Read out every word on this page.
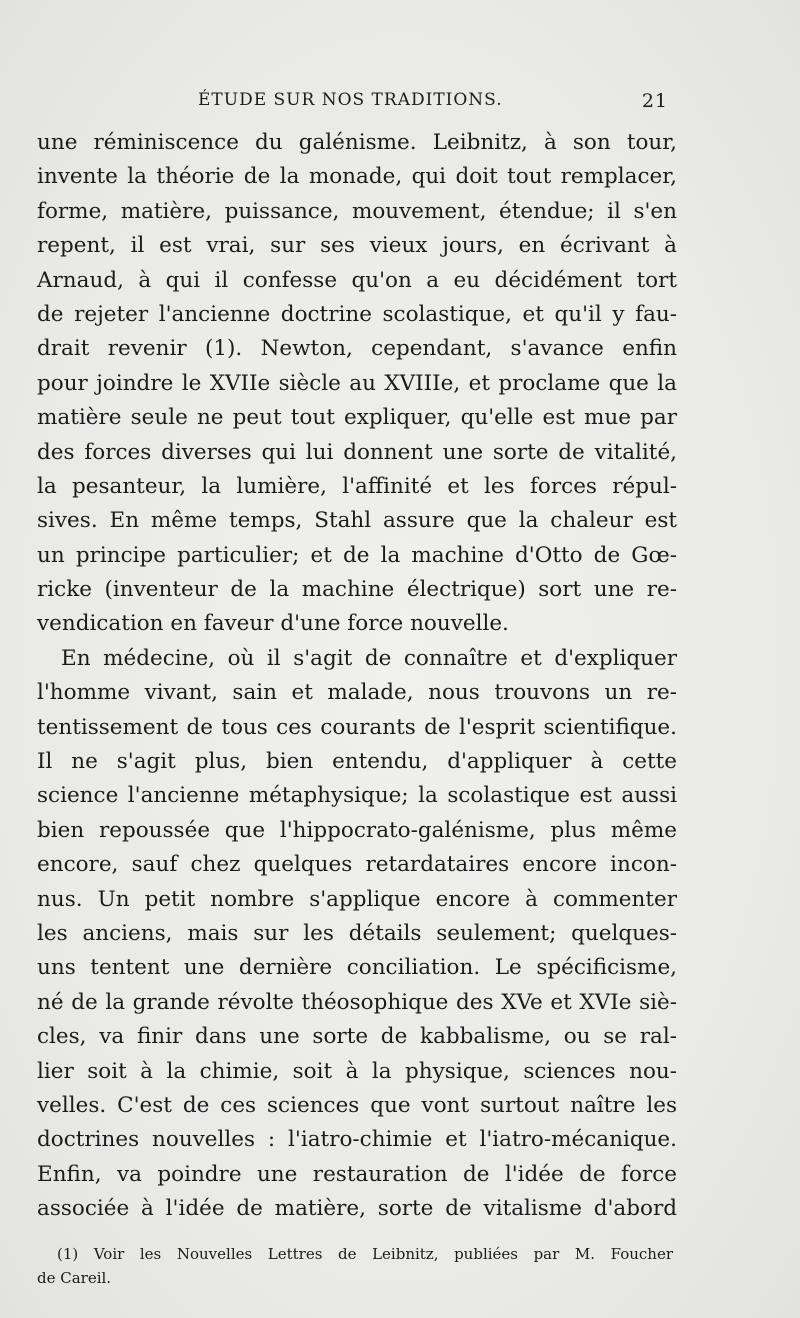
ÉTUDE SUR NOS TRADITIONS.	21
une réminiscence du galénisme. Leibnitz, à son tour,
invente la théorie de la monade, qui doit tout remplacer,
forme, matière, puissance, mouvement, étendue; il s'en
repent, il est vrai, sur ses vieux jours, en écrivant à
Arnaud, à qui il confesse qu'on a eu décidément tort
de rejeter l'ancienne doctrine scolastique, et qu'il y fau-
drait revenir (1). Newton, cependant, s'avance enfin
pour joindre le XVIIe siècle au XVIIIe, et proclame que la
matière seule ne peut tout expliquer, qu'elle est mue par
des forces diverses qui lui donnent une sorte de vitalité,
la pesanteur, la lumière, l'affinité et les forces répul-
sives. En même temps, Stahl assure que la chaleur est
un principe particulier; et de la machine d'Otto de Gœ-
ricke (inventeur de la machine électrique) sort une re-
vendication en faveur d'une force nouvelle.
En médecine, où il s'agit de connaître et d'expliquer
l'homme vivant, sain et malade, nous trouvons un re-
tentissement de tous ces courants de l'esprit scientifique.
Il ne s'agit plus, bien entendu, d'appliquer à cette
science l'ancienne métaphysique; la scolastique est aussi
bien repoussée que l'hippocrato-galénisme, plus même
encore, sauf chez quelques retardataires encore incon-
nus. Un petit nombre s'applique encore à commenter
les anciens, mais sur les détails seulement; quelques-
uns tentent une dernière conciliation. Le spécificisme,
né de la grande révolte théosophique des XVe et XVIe siè-
cles, va finir dans une sorte de kabbalisme, ou se ral-
lier soit à la chimie, soit à la physique, sciences nou-
velles. C'est de ces sciences que vont surtout naître les
doctrines nouvelles : l'iatro-chimie et l'iatro-mécanique.
Enfin, va poindre une restauration de l'idée de force
associée à l'idée de matière, sorte de vitalisme d'abord
(1) Voir les Nouvelles Lettres de Leibnitz, publiées par M. Foucher
de Careil.
